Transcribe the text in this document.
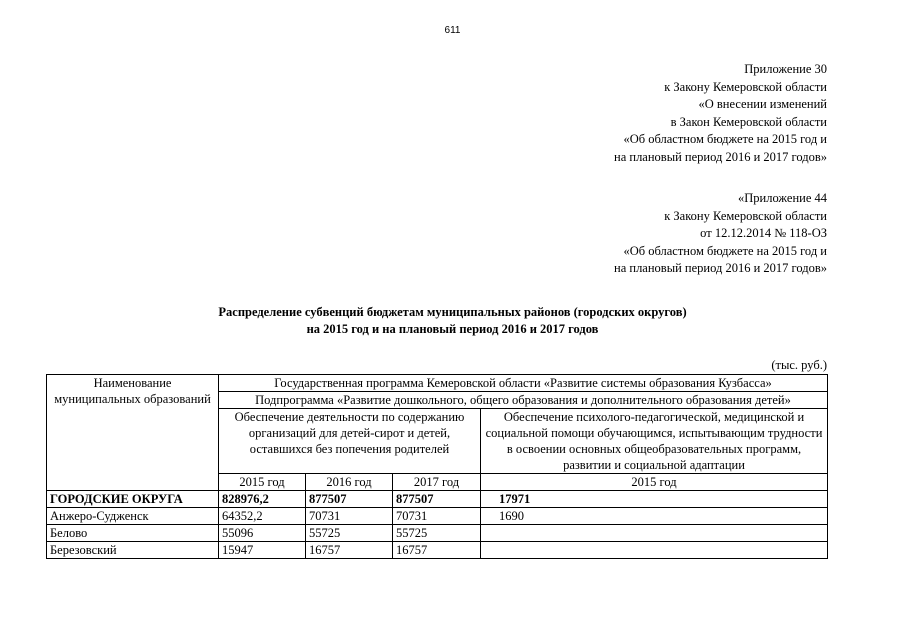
611
Приложение 30
к Закону Кемеровской области
«О внесении изменений
в Закон Кемеровской области
«Об областном бюджете на 2015 год и
на плановый период 2016 и 2017 годов»
«Приложение 44
к Закону Кемеровской области
от 12.12.2014 № 118-ОЗ
«Об областном бюджете на 2015 год и
на плановый период 2016 и 2017 годов»
Распределение субвенций бюджетам муниципальных районов (городских округов)
на 2015 год и на плановый период 2016 и 2017 годов
(тыс. руб.)
Наименование муниципальных образований	Государственная программа Кемеровской области «Развитие системы образования Кузбасса»			
	Подпрограмма «Развитие дошкольного, общего образования и дополнительного образования детей»			
	Обеспечение деятельности по содержанию организаций для детей-сирот и детей, оставшихся без попечения родителей			Обеспечение психолого-педагогической, медицинской и социальной помощи обучающимся, испытывающим трудности в освоении основных общеобразовательных программ, развитии и социальной адаптации
	2015 год	2016 год	2017 год	2015 год
ГОРОДСКИЕ ОКРУГА	828976,2	877507	877507	17971
Анжеро-Судженск	64352,2	70731	70731	1690
Белово	55096	55725	55725	
Березовский	15947	16757	16757	
